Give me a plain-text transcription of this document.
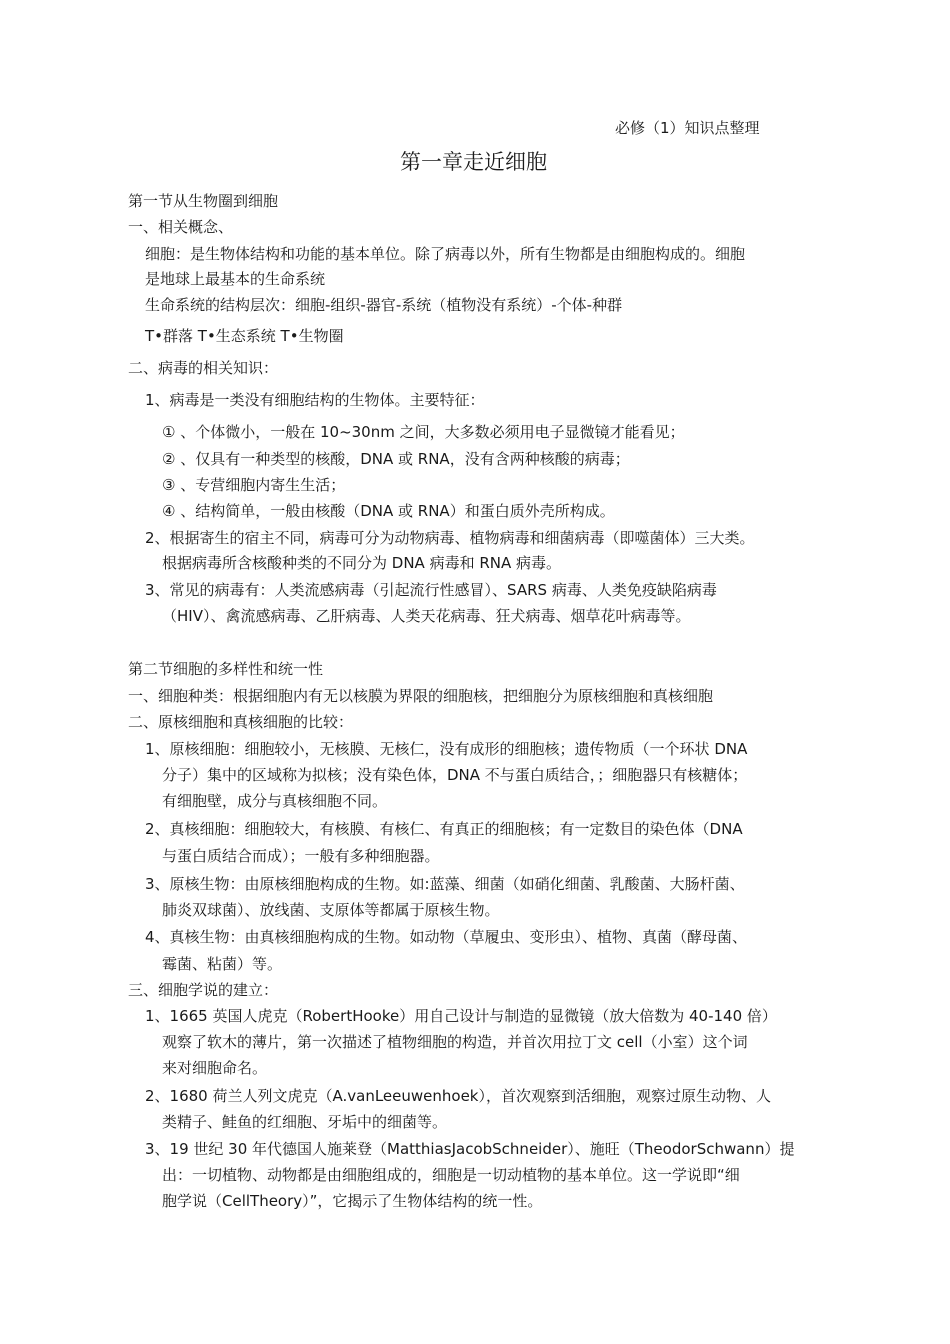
必修（1）知识点整理
第一章走近细胞
第一节从生物圈到细胞
一、相关概念、
细胞：是生物体结构和功能的基本单位。除了病毒以外，所有生物都是由细胞构成的。细胞
是地球上最基本的生命系统
生命系统的结构层次：细胞-组织-器官-系统（植物没有系统）-个体-种群
T•群落 T•生态系统 T•生物圈
二、病毒的相关知识：
1、病毒是一类没有细胞结构的生物体。主要特征：
① 、个体微小，一般在 10~30nm 之间，大多数必须用电子显微镜才能看见；
② 、仅具有一种类型的核酸，DNA 或 RNA，没有含两种核酸的病毒；
③ 、专营细胞内寄生生活；
④ 、结构简单，一般由核酸（DNA 或 RNA）和蛋白质外壳所构成。
2、根据寄生的宿主不同，病毒可分为动物病毒、植物病毒和细菌病毒（即噬菌体）三大类。
根据病毒所含核酸种类的不同分为 DNA 病毒和 RNA 病毒。
3、常见的病毒有：人类流感病毒（引起流行性感冒）、SARS 病毒、人类免疫缺陷病毒
（HIV）、禽流感病毒、乙肝病毒、人类天花病毒、狂犬病毒、烟草花叶病毒等。
第二节细胞的多样性和统一性
一、细胞种类：根据细胞内有无以核膜为界限的细胞核，把细胞分为原核细胞和真核细胞
二、原核细胞和真核细胞的比较：
1、原核细胞：细胞较小，无核膜、无核仁，没有成形的细胞核；遗传物质（一个环状 DNA
分子）集中的区域称为拟核；没有染色体，DNA 不与蛋白质结合，；细胞器只有核糖体；
有细胞壁，成分与真核细胞不同。
2、真核细胞：细胞较大，有核膜、有核仁、有真正的细胞核；有一定数目的染色体（DNA
与蛋白质结合而成）；一般有多种细胞器。
3、原核生物：由原核细胞构成的生物。如:蓝藻、细菌（如硝化细菌、乳酸菌、大肠杆菌、
肺炎双球菌）、放线菌、支原体等都属于原核生物。
4、真核生物：由真核细胞构成的生物。如动物（草履虫、变形虫）、植物、真菌（酵母菌、
霉菌、粘菌）等。
三、细胞学说的建立：
1、1665 英国人虎克（RobertHooke）用自己设计与制造的显微镜（放大倍数为 40-140 倍）
观察了软木的薄片，第一次描述了植物细胞的构造，并首次用拉丁文 cell（小室）这个词
来对细胞命名。
2、1680 荷兰人列文虎克（A.vanLeeuwenhoek），首次观察到活细胞，观察过原生动物、人
类精子、鲑鱼的红细胞、牙垢中的细菌等。
3、19 世纪 30 年代德国人施莱登（MatthiasJacobSchneider）、施旺（TheodorSchwann）提
出：一切植物、动物都是由细胞组成的，细胞是一切动植物的基本单位。这一学说即“细
胞学说（CellTheory）”，它揭示了生物体结构的统一性。
